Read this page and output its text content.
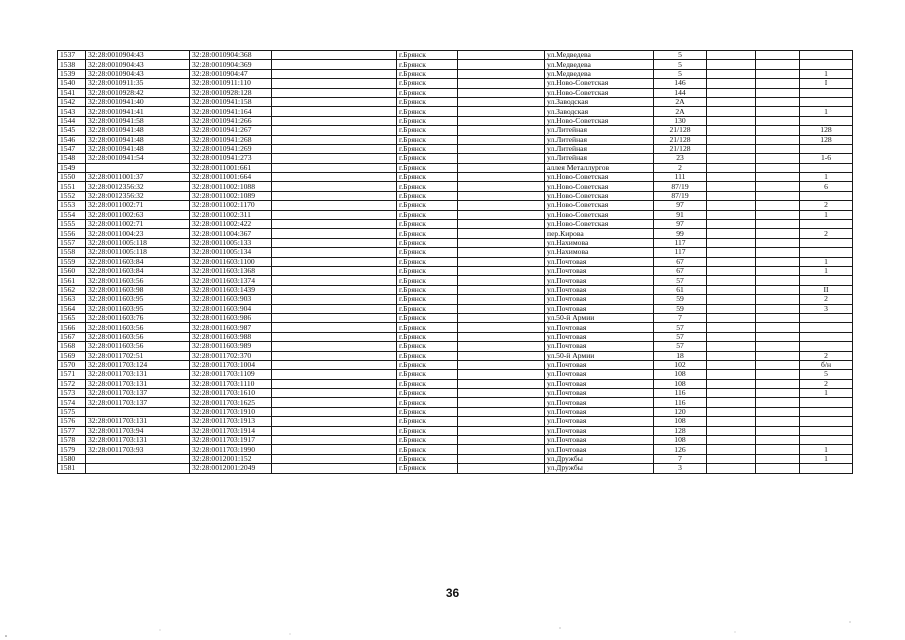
1537	32:28:0010904:43	32:28:0010904:368		г.Брянск		ул.Медведева	5			
1538	32:28:0010904:43	32:28:0010904:369		г.Брянск		ул.Медведева	5			
1539	32:28:0010904:43	32:28:0010904:47		г.Брянск		ул.Медведева	5			1
1540	32:28:0010911:35	32:28:0010911:110		г.Брянск		ул.Ново-Советская	146			I
1541	32:28:0010928:42	32:28:0010928:128		г.Брянск		ул.Ново-Советская	144			
1542	32:28:0010941:40	32:28:0010941:158		г.Брянск		ул.Заводская	2А			
1543	32:28:0010941:41	32:28:0010941:164		г.Брянск		ул.Заводская	2А			1
1544	32:28:0010941:58	32:28:0010941:266		г.Брянск		ул.Ново-Советская	130			
1545	32:28:0010941:48	32:28:0010941:267		г.Брянск		ул.Литейная	21/128			128
1546	32:28:0010941:48	32:28:0010941:268		г.Брянск		ул.Литейная	21/128			128
1547	32:28:0010941:48	32:28:0010941:269		г.Брянск		ул.Литейная	21/128			
1548	32:28:0010941:54	32:28:0010941:273		г.Брянск		ул.Литейная	23			1-6
1549		32:28:0011001:661		г.Брянск		аллея Металлургов	2			
1550	32:28:0011001:37	32:28:0011001:664		г.Брянск		ул.Ново-Советская	111			1
1551	32:28:0012356:32	32:28:0011002:1088		г.Брянск		ул.Ново-Советская	87/19			6
1552	32:28:0012356:32	32:28:0011002:1089		г.Брянск		ул.Ново-Советская	87/19			
1553	32:28:0011002:71	32:28:0011002:1170		г.Брянск		ул.Ново-Советская	97			2
1554	32:28:0011002:63	32:28:0011002:311		г.Брянск		ул.Ново-Советская	91			1
1555	32:28:0011002:71	32:28:0011002:422		г.Брянск		ул.Ново-Советская	97			
1556	32:28:0011004:23	32:28:0011004:367		г.Брянск		пер.Кирова	99			2
1557	32:28:0011005:118	32:28:0011005:133		г.Брянск		ул.Нахимова	117			
1558	32:28:0011005:118	32:28:0011005:134		г.Брянск		ул.Нахимова	117			
1559	32:28:0011603:84	32:28:0011603:1100		г.Брянск		ул.Почтовая	67			1
1560	32:28:0011603:84	32:28:0011603:1368		г.Брянск		ул.Почтовая	67			1
1561	32:28:0011603:56	32:28:0011603:1374		г.Брянск		ул.Почтовая	57			
1562	32:28:0011603:98	32:28:0011603:1439		г.Брянск		ул.Почтовая	61			II
1563	32:28:0011603:95	32:28:0011603:903		г.Брянск		ул.Почтовая	59			2
1564	32:28:0011603:95	32:28:0011603:904		г.Брянск		ул.Почтовая	59			3
1565	32:28:0011603:76	32:28:0011603:986		г.Брянск		ул.50-й Армии	7			
1566	32:28:0011603:56	32:28:0011603:987		г.Брянск		ул.Почтовая	57			
1567	32:28:0011603:56	32:28:0011603:988		г.Брянск		ул.Почтовая	57			
1568	32:28:0011603:56	32:28:0011603:989		г.Брянск		ул.Почтовая	57			
1569	32:28:0011702:51	32:28:0011702:370		г.Брянск		ул.50-й Армии	18			2
1570	32:28:0011703:124	32:28:0011703:1004		г.Брянск		ул.Почтовая	102			б/н
1571	32:28:0011703:131	32:28:0011703:1109		г.Брянск		ул.Почтовая	108			5
1572	32:28:0011703:131	32:28:0011703:1110		г.Брянск		ул.Почтовая	108			2
1573	32:28:0011703:137	32:28:0011703:1610		г.Брянск		ул.Почтовая	116			1
1574	32:28:0011703:137	32:28:0011703:1625		г.Брянск		ул.Почтовая	116			
1575		32:28:0011703:1910		г.Брянск		ул.Почтовая	120			
1576	32:28:0011703:131	32:28:0011703:1913		г.Брянск		ул.Почтовая	108			
1577	32:28:0011703:94	32:28:0011703:1914		г.Брянск		ул.Почтовая	128			
1578	32:28:0011703:131	32:28:0011703:1917		г.Брянск		ул.Почтовая	108			
1579	32:28:0011703:93	32:28:0011703:1990		г.Брянск		ул.Почтовая	126			1
1580		32:28:0012001:152		г.Брянск		ул.Дружбы	7			1
1581		32:28:0012001:2049		г.Брянск		ул.Дружбы	3			
36
